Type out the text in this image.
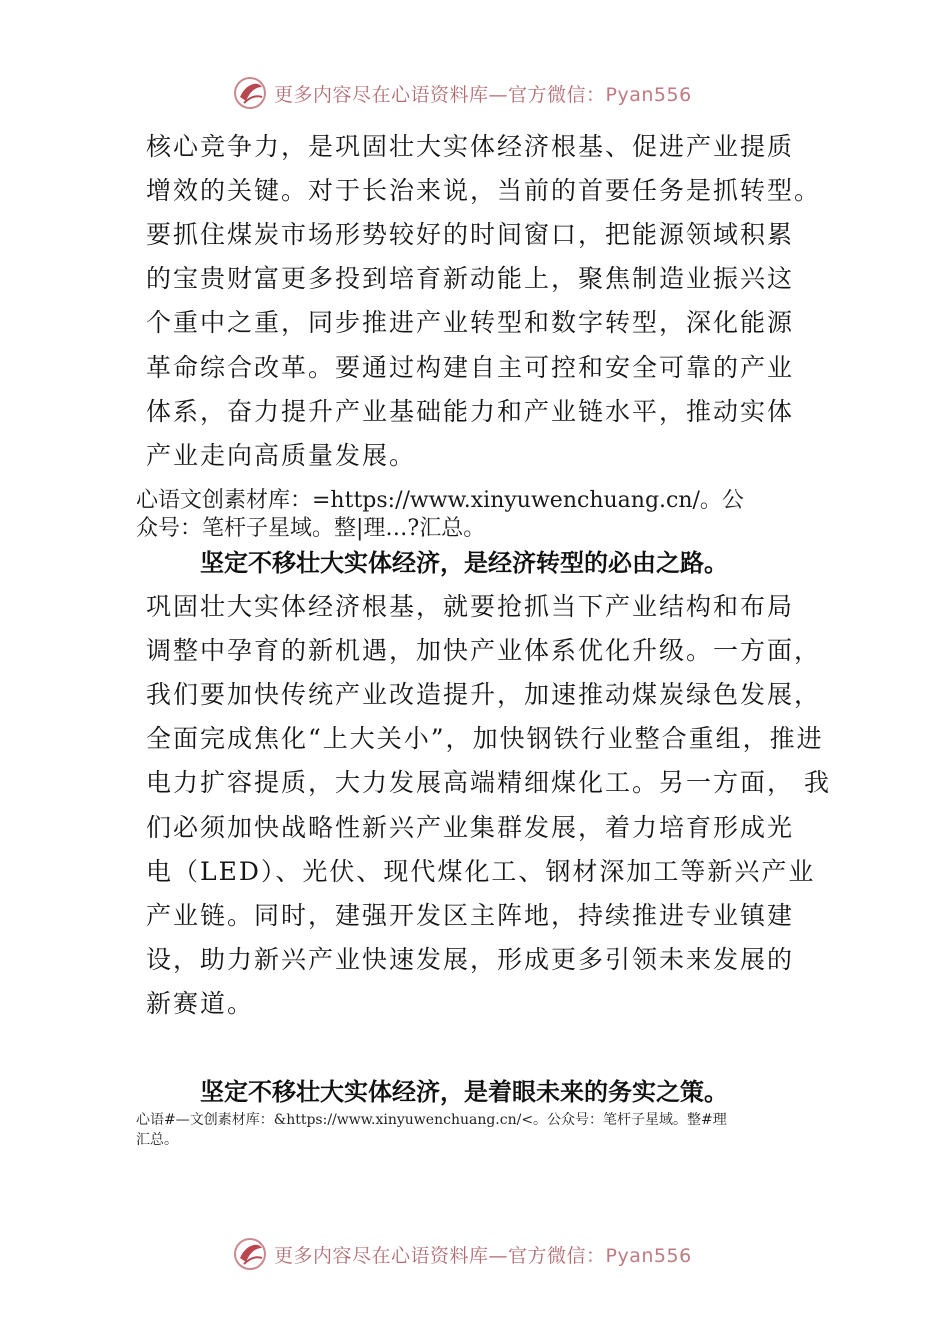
更多内容尽在心语资料库—官方微信：Pyan556
核心竞争力，是巩固壮大实体经济根基、促进产业提质
增效的关键。对于长治来说，当前的首要任务是抓转型。
要抓住煤炭市场形势较好的时间窗口，把能源领域积累
的宝贵财富更多投到培育新动能上，聚焦制造业振兴这
个重中之重，同步推进产业转型和数字转型，深化能源
革命综合改革。要通过构建自主可控和安全可靠的产业
体系，奋力提升产业基础能力和产业链水平，推动实体
产业走向高质量发展。
心语文创素材库：=https://www.xinyuwenchuang.cn/。公
众号：笔杆子星域。整|理…?汇总。
坚定不移壮大实体经济，是经济转型的必由之路。
巩固壮大实体经济根基，就要抢抓当下产业结构和布局
调整中孕育的新机遇，加快产业体系优化升级。一方面，
我们要加快传统产业改造提升，加速推动煤炭绿色发展，
全面完成焦化“上大关小”，加快钢铁行业整合重组，推进
电力扩容提质，大力发展高端精细煤化工。另一方面， 我
们必须加快战略性新兴产业集群发展，着力培育形成光
电（LED）、光伏、现代煤化工、钢材深加工等新兴产业
产业链。同时，建强开发区主阵地，持续推进专业镇建
设，助力新兴产业快速发展，形成更多引领未来发展的
新赛道。
坚定不移壮大实体经济，是着眼未来的务实之策。
心语#—文创素材库：&https://www.xinyuwenchuang.cn/<。公众号：笔杆子星域。整#理
汇总。
更多内容尽在心语资料库—官方微信：Pyan556
